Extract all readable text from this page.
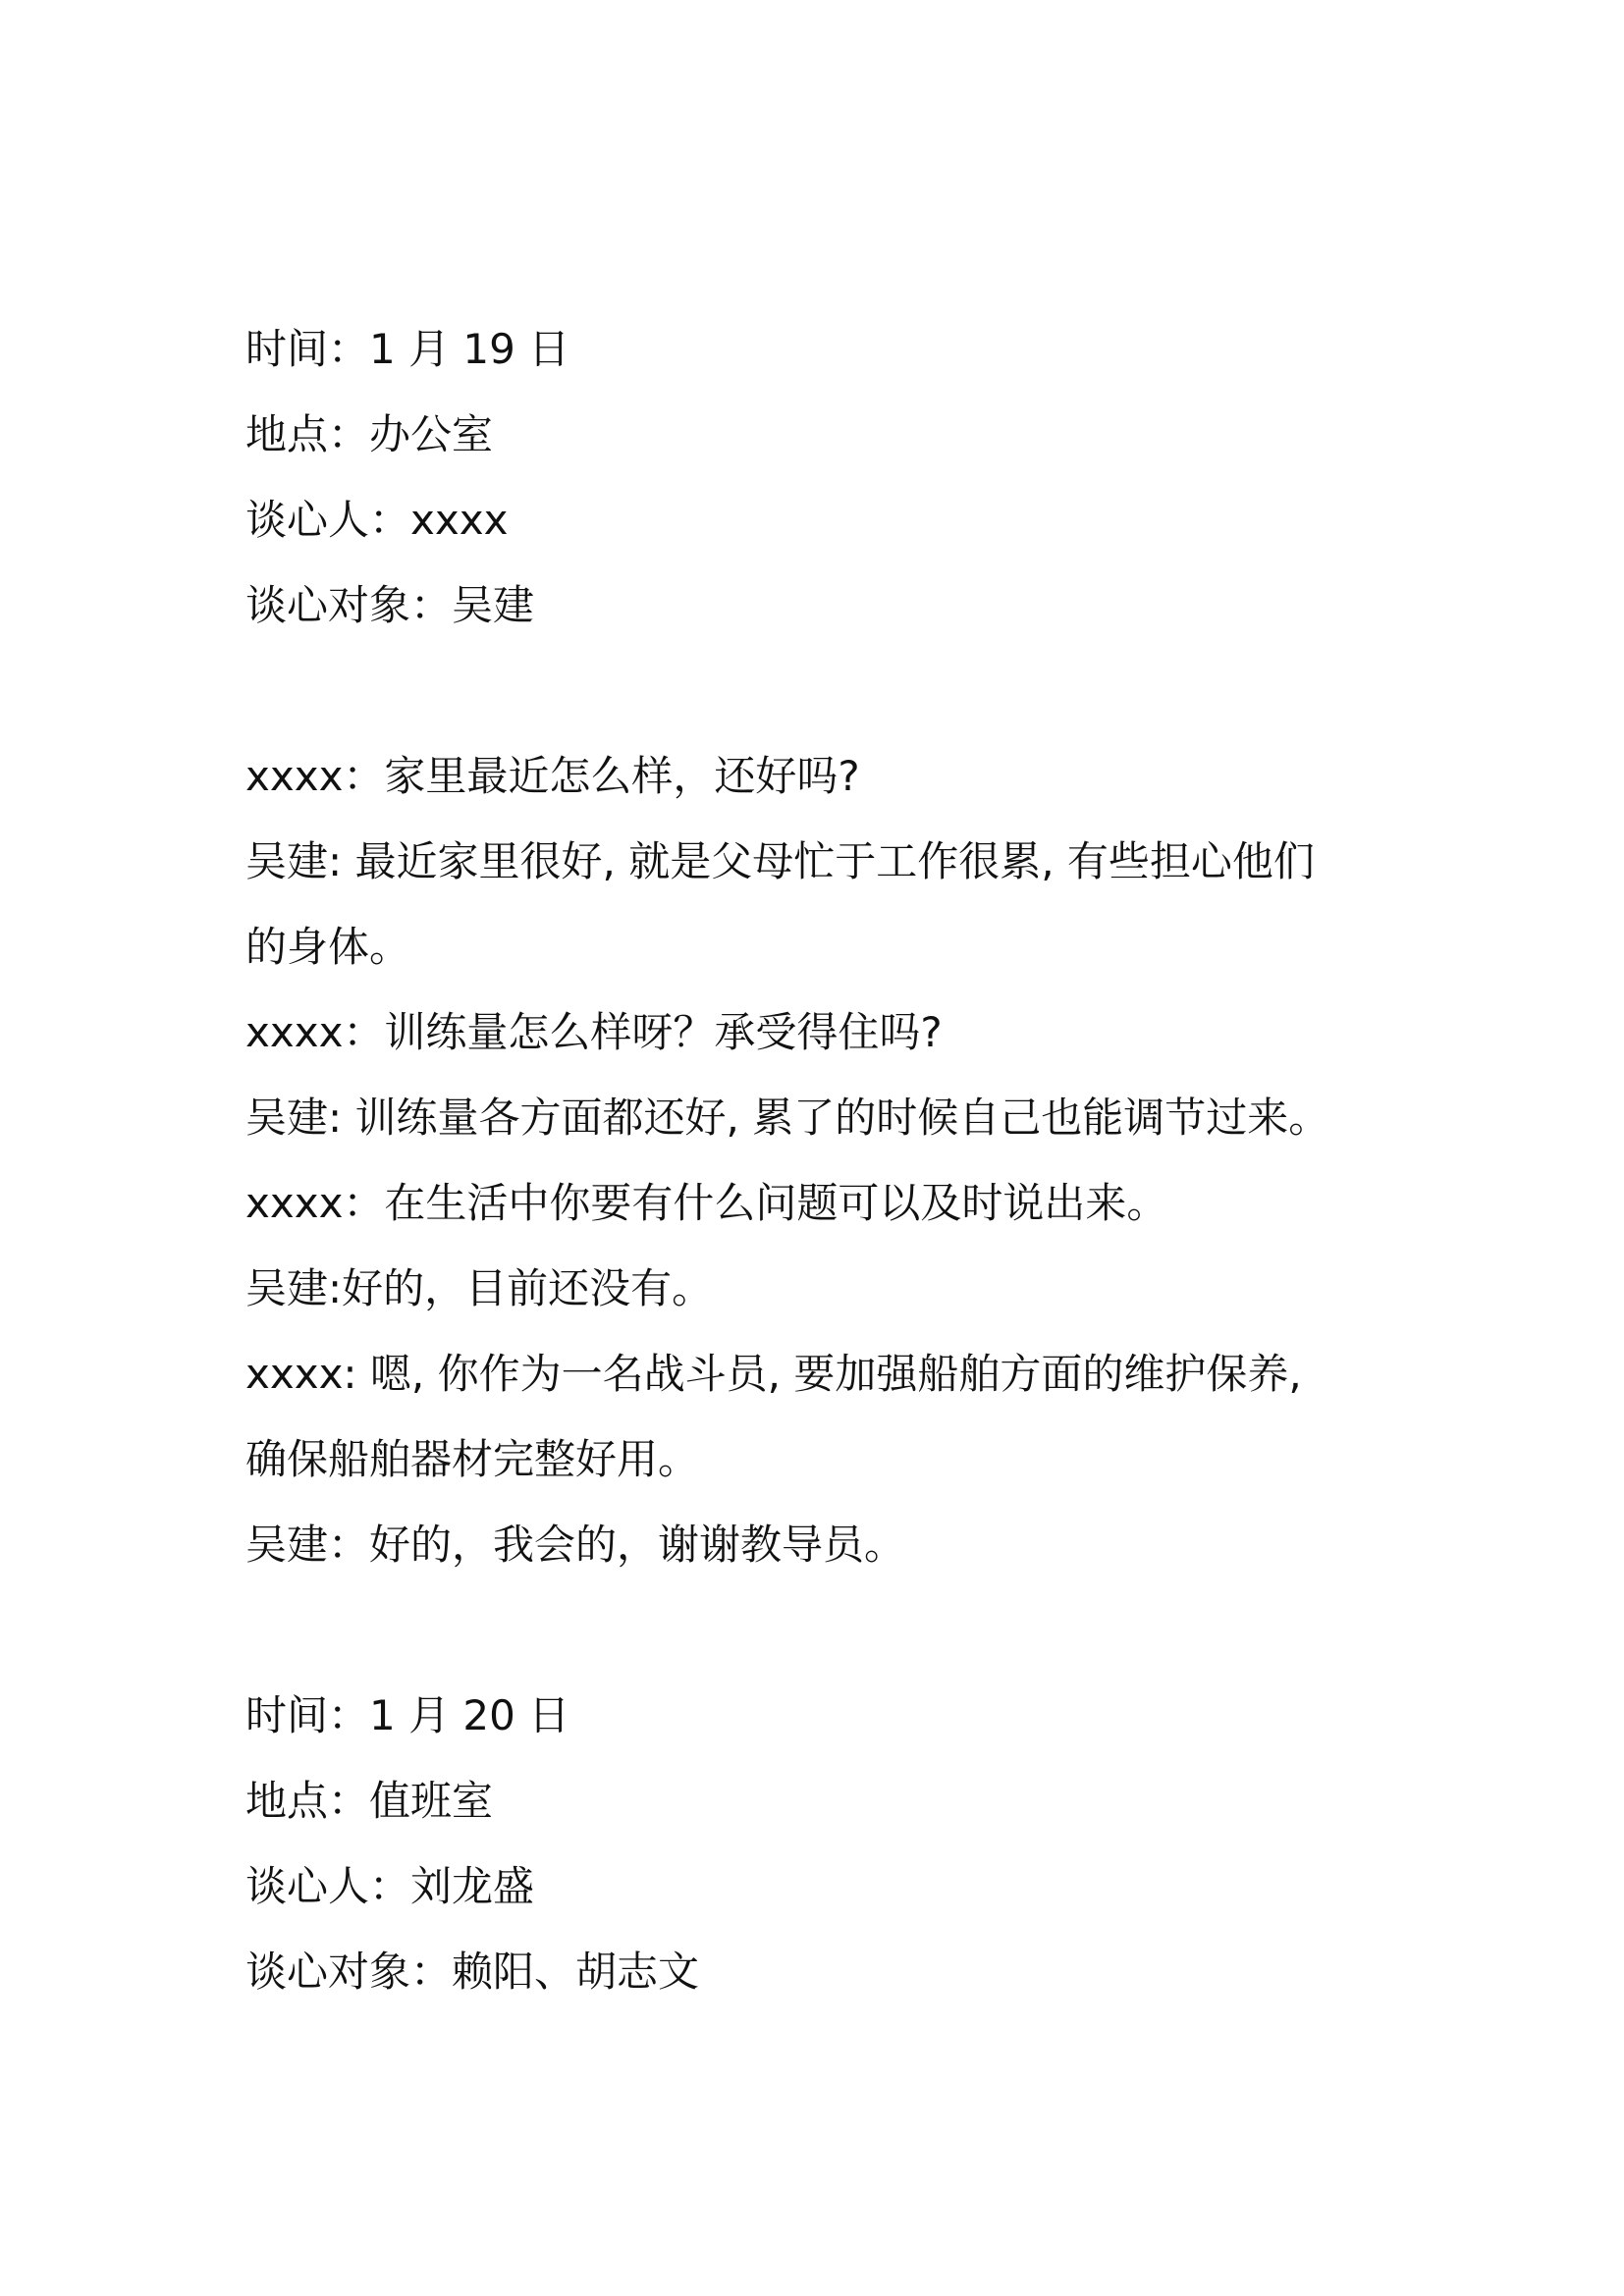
时间：1 月 19 日

地点：办公室

谈心人：xxxx

谈心对象：吴建

xxxx：家里最近怎么样，还好吗?

吴建: 最近家里很好, 就是父母忙于工作很累, 有些担心他们

的身体。

xxxx：训练量怎么样呀？承受得住吗?

吴建: 训练量各方面都还好, 累了的时候自己也能调节过来。

xxxx：在生活中你要有什么问题可以及时说出来。

吴建:好的，目前还没有。

xxxx: 嗯, 你作为一名战斗员, 要加强船舶方面的维护保养,

确保船舶器材完整好用。

吴建：好的，我会的，谢谢教导员。

时间：1 月 20 日

地点：值班室

谈心人：刘龙盛

谈心对象：赖阳、胡志文
